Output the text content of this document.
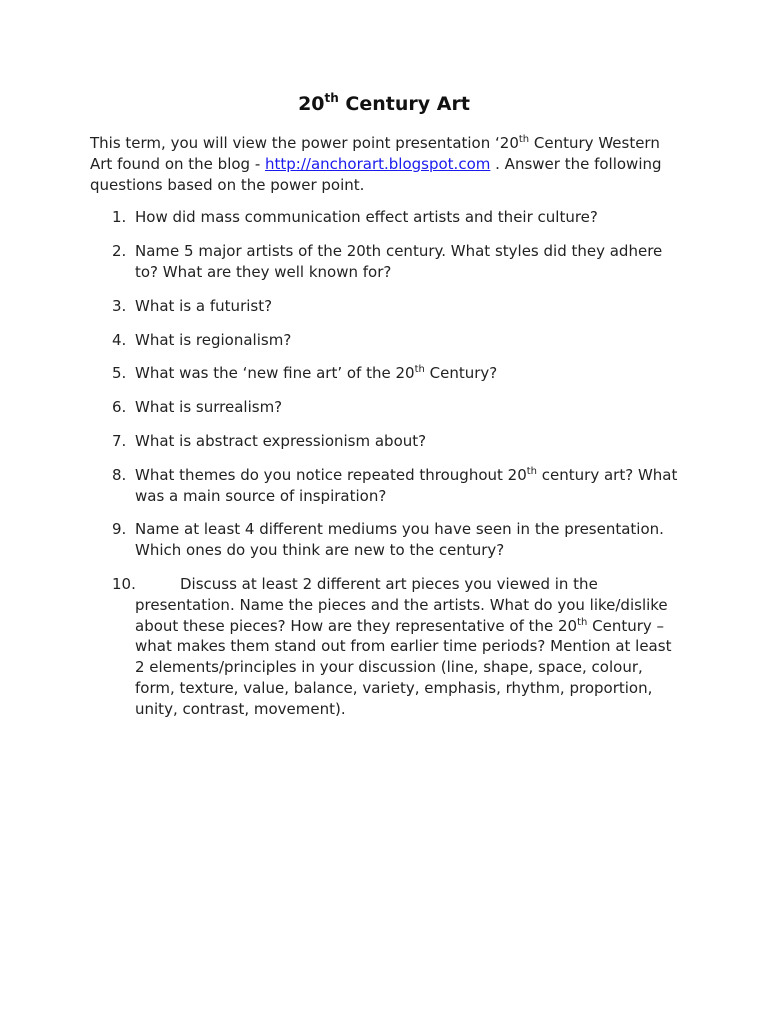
20th Century Art
This term, you will view the power point presentation ‘20th Century Western Art found on the blog - http://anchorart.blogspot.com . Answer the following questions based on the power point.
1. How did mass communication effect artists and their culture?
2. Name 5 major artists of the 20th century. What styles did they adhere to? What are they well known for?
3. What is a futurist?
4. What is regionalism?
5. What was the ‘new fine art’ of the 20th Century?
6. What is surrealism?
7. What is abstract expressionism about?
8. What themes do you notice repeated throughout 20th century art? What was a main source of inspiration?
9. Name at least 4 different mediums you have seen in the presentation. Which ones do you think are new to the century?
10.	Discuss at least 2 different art pieces you viewed in the presentation. Name the pieces and the artists. What do you like/dislike about these pieces? How are they representative of the 20th Century – what makes them stand out from earlier time periods? Mention at least 2 elements/principles in your discussion (line, shape, space, colour, form, texture, value, balance, variety, emphasis, rhythm, proportion, unity, contrast, movement).
